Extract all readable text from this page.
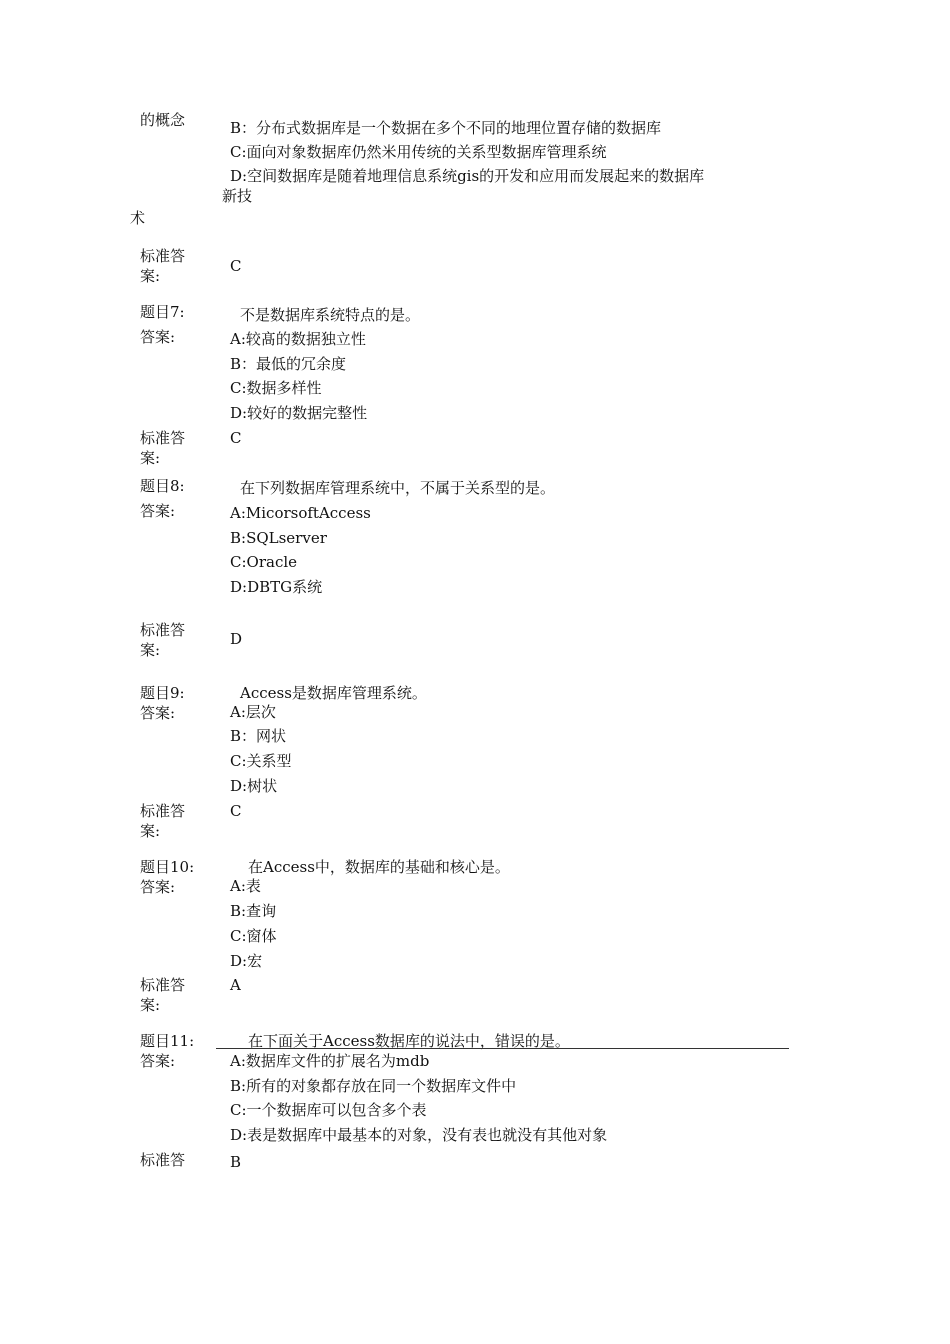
的概念	B：分布式数据库是一个数据在多个不同的地理位置存储的数据库
C:面向对象数据库仍然米用传统的关系型数据库管理系统
D:空间数据库是随着地理信息系统gis的开发和应用而发展起来的数据库
新技
术
标准答
案:
C
题目7:	不是数据库系统特点的是。
答案:	A:较髙的数据独立性
B：最低的冗余度
C:数据多样性
D:较好的数据完整性
标准答
案:
C
题目8:	在下列数据库管理系统中，不属于关系型的是。
答案:	A:MicorsoftAccess
B:SQLserver
C:Oracle
D:DBTG系统
标准答
案:
D
题目9:	Access是数据库管理系统。
答案:	A:层次
B：网状
C:关系型
D:树状
标准答
案:
C
题目10:	在Access中，数据库的基础和核心是。
答案:	A:表
B:查询
C:窗体
D:宏
标准答
案:
A
题目11:	在下面关于Access数据库的说法中，错误的是。
答案:	A:数据库文件的扩展名为mdb
B:所有的对象都存放在同一个数据库文件中
C:一个数据库可以包含多个表
D:表是数据库中最基本的对象，没有表也就没有其他对象
标准答	B
